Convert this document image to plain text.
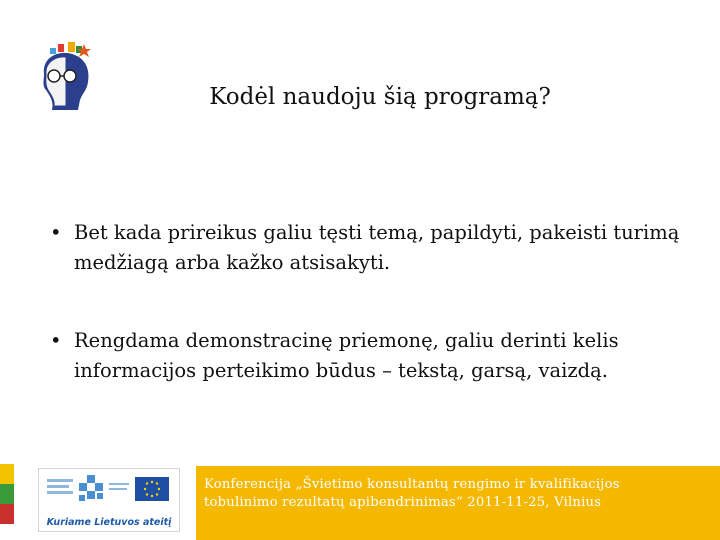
Kodėl naudoju šią programą?
• Bet kada prireikus galiu tęsti temą, papildyti, pakeisti turimą medžiagą arba kažko atsisakyti.
• Rengdama demonstracinę priemonę, galiu derinti kelis informacijos perteikimo būdus – tekstą, garsą, vaizdą.
Kuriame Lietuvos ateitį
Konferencija „Švietimo konsultantų rengimo ir kvalifikacijos
tobulinimo rezultatų apibendrinimas“ 2011-11-25, Vilnius
